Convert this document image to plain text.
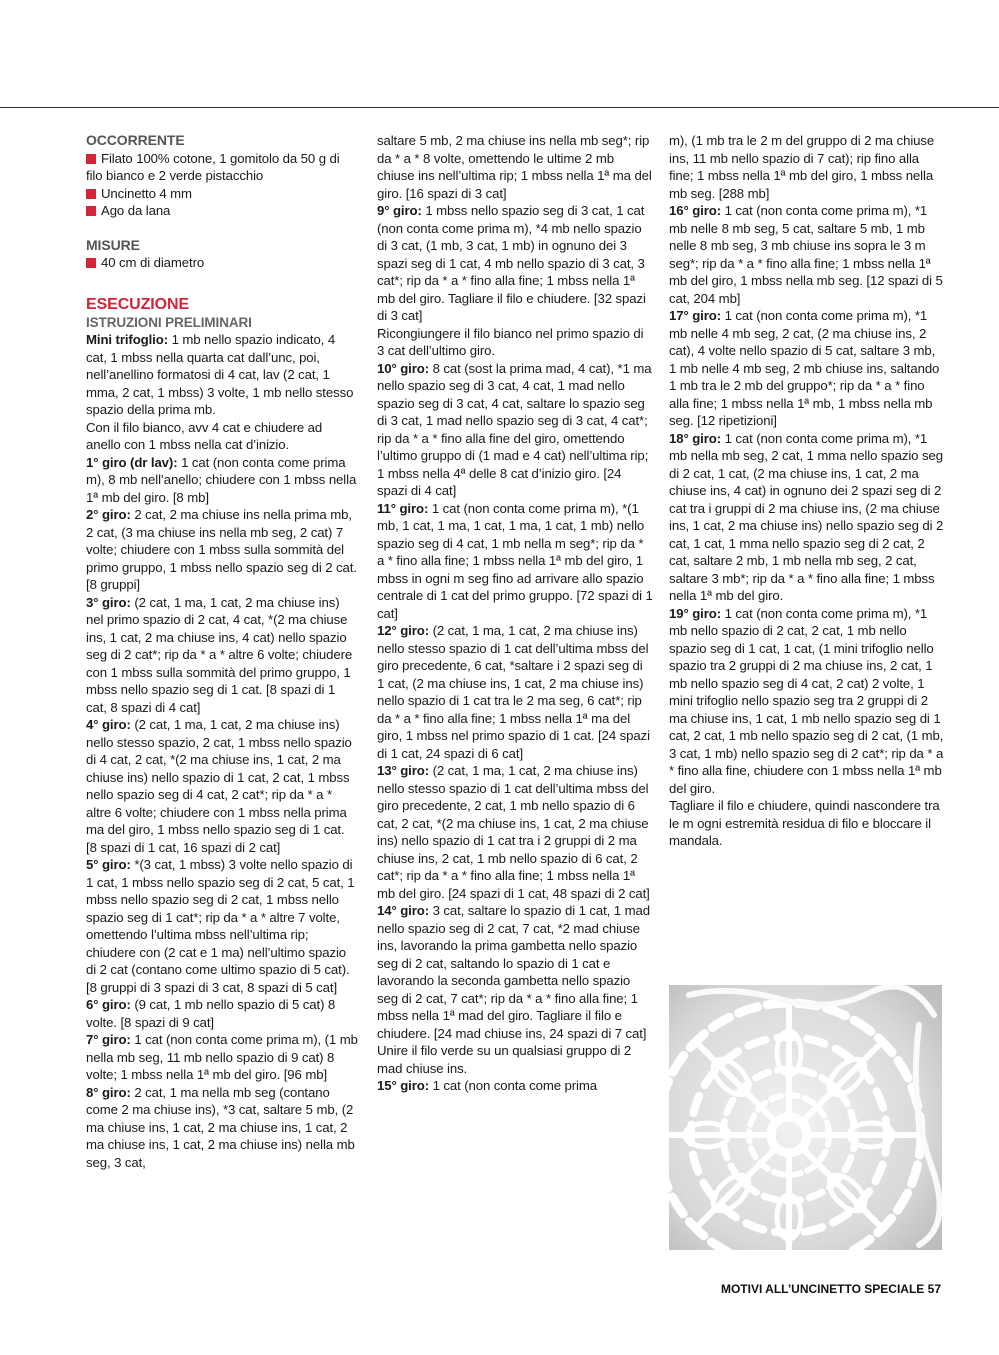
OCCORRENTE

Filato 100% cotone, 1 gomitolo da 50 g di filo bianco e 2 verde pistacchio

Uncinetto 4 mm

Ago da lana

MISURE

40 cm di diametro

ESECUZIONE

ISTRUZIONI PRELIMINARI

Mini trifoglio: 1 mb nello spazio indicato, 4 cat, 1 mbss nella quarta cat dall’unc, poi, nell’anellino formatosi di 4 cat, lav (2 cat, 1 mma, 2 cat, 1 mbss) 3 volte, 1 mb nello stesso spazio della prima mb.

Con il filo bianco, avv 4 cat e chiudere ad anello con 1 mbss nella cat d’inizio.

1° giro (dr lav): 1 cat (non conta come prima m), 8 mb nell’anello; chiudere con 1 mbss nella 1ª mb del giro. [8 mb]

2° giro: 2 cat, 2 ma chiuse ins nella prima mb, 2 cat, (3 ma chiuse ins nella mb seg, 2 cat) 7 volte; chiudere con 1 mbss sulla sommità del primo gruppo, 1 mbss nello spazio seg di 2 cat. [8 gruppi]

3° giro: (2 cat, 1 ma, 1 cat, 2 ma chiuse ins) nel primo spazio di 2 cat, 4 cat, *(2 ma chiuse ins, 1 cat, 2 ma chiuse ins, 4 cat) nello spazio seg di 2 cat*; rip da * a * altre 6 volte; chiudere con 1 mbss sulla sommità del primo gruppo, 1 mbss nello spazio seg di 1 cat. [8 spazi di 1 cat, 8 spazi di 4 cat]

4° giro: (2 cat, 1 ma, 1 cat, 2 ma chiuse ins) nello stesso spazio, 2 cat, 1 mbss nello spazio di 4 cat, 2 cat, *(2 ma chiuse ins, 1 cat, 2 ma chiuse ins) nello spazio di 1 cat, 2 cat, 1 mbss nello spazio seg di 4 cat, 2 cat*; rip da * a * altre 6 volte; chiudere con 1 mbss nella prima ma del giro, 1 mbss nello spazio seg di 1 cat. [8 spazi di 1 cat, 16 spazi di 2 cat]

5° giro: *(3 cat, 1 mbss) 3 volte nello spazio di 1 cat, 1 mbss nello spazio seg di 2 cat, 5 cat, 1 mbss nello spazio seg di 2 cat, 1 mbss nello spazio seg di 1 cat*; rip da * a * altre 7 volte, omettendo l’ultima mbss nell’ultima rip; chiudere con (2 cat e 1 ma) nell’ultimo spazio di 2 cat (contano come ultimo spazio di 5 cat). [8 gruppi di 3 spazi di 3 cat, 8 spazi di 5 cat]

6° giro: (9 cat, 1 mb nello spazio di 5 cat) 8 volte. [8 spazi di 9 cat]

7° giro: 1 cat (non conta come prima m), (1 mb nella mb seg, 11 mb nello spazio di 9 cat) 8 volte; 1 mbss nella 1ª mb del giro. [96 mb]

8° giro: 2 cat, 1 ma nella mb seg (contano come 2 ma chiuse ins), *3 cat, saltare 5 mb, (2 ma chiuse ins, 1 cat, 2 ma chiuse ins, 1 cat, 2 ma chiuse ins, 1 cat, 2 ma chiuse ins) nella mb seg, 3 cat,

saltare 5 mb, 2 ma chiuse ins nella mb seg*; rip da * a * 8 volte, omettendo le ultime 2 mb chiuse ins nell’ultima rip; 1 mbss nella 1ª ma del giro. [16 spazi di 3 cat]

9° giro: 1 mbss nello spazio seg di 3 cat, 1 cat (non conta come prima m), *4 mb nello spazio di 3 cat, (1 mb, 3 cat, 1 mb) in ognuno dei 3 spazi seg di 1 cat, 4 mb nello spazio di 3 cat, 3 cat*; rip da * a * fino alla fine; 1 mbss nella 1ª mb del giro. Tagliare il filo e chiudere. [32 spazi di 3 cat]

Ricongiungere il filo bianco nel primo spazio di 3 cat dell’ultimo giro.

10° giro: 8 cat (sost la prima mad, 4 cat), *1 ma nello spazio seg di 3 cat, 4 cat, 1 mad nello spazio seg di 3 cat, 4 cat, saltare lo spazio seg di 3 cat, 1 mad nello spazio seg di 3 cat, 4 cat*; rip da * a * fino alla fine del giro, omettendo l’ultimo gruppo di (1 mad e 4 cat) nell’ultima rip; 1 mbss nella 4ª delle 8 cat d’inizio giro. [24 spazi di 4 cat]

11° giro: 1 cat (non conta come prima m), *(1 mb, 1 cat, 1 ma, 1 cat, 1 ma, 1 cat, 1 mb) nello spazio seg di 4 cat, 1 mb nella m seg*; rip da * a * fino alla fine; 1 mbss nella 1ª mb del giro, 1 mbss in ogni m seg fino ad arrivare allo spazio centrale di 1 cat del primo gruppo. [72 spazi di 1 cat]

12° giro: (2 cat, 1 ma, 1 cat, 2 ma chiuse ins) nello stesso spazio di 1 cat dell’ultima mbss del giro precedente, 6 cat, *saltare i 2 spazi seg di 1 cat, (2 ma chiuse ins, 1 cat, 2 ma chiuse ins) nello spazio di 1 cat tra le 2 ma seg, 6 cat*; rip da * a * fino alla fine; 1 mbss nella 1ª ma del giro, 1 mbss nel primo spazio di 1 cat. [24 spazi di 1 cat, 24 spazi di 6 cat]

13° giro: (2 cat, 1 ma, 1 cat, 2 ma chiuse ins) nello stesso spazio di 1 cat dell’ultima mbss del giro precedente, 2 cat, 1 mb nello spazio di 6 cat, 2 cat, *(2 ma chiuse ins, 1 cat, 2 ma chiuse ins) nello spazio di 1 cat tra i 2 gruppi di 2 ma chiuse ins, 2 cat, 1 mb nello spazio di 6 cat, 2 cat*; rip da * a * fino alla fine; 1 mbss nella 1ª mb del giro. [24 spazi di 1 cat, 48 spazi di 2 cat]

14° giro: 3 cat, saltare lo spazio di 1 cat, 1 mad nello spazio seg di 2 cat, 7 cat, *2 mad chiuse ins, lavorando la prima gambetta nello spazio seg di 2 cat, saltando lo spazio di 1 cat e lavorando la seconda gambetta nello spazio seg di 2 cat, 7 cat*; rip da * a * fino alla fine; 1 mbss nella 1ª mad del giro. Tagliare il filo e chiudere. [24 mad chiuse ins, 24 spazi di 7 cat]

Unire il filo verde su un qualsiasi gruppo di 2 mad chiuse ins.

15° giro: 1 cat (non conta come prima

m), (1 mb tra le 2 m del gruppo di 2 ma chiuse ins, 11 mb nello spazio di 7 cat); rip fino alla fine; 1 mbss nella 1ª mb del giro, 1 mbss nella mb seg. [288 mb]

16° giro: 1 cat (non conta come prima m), *1 mb nelle 8 mb seg, 5 cat, saltare 5 mb, 1 mb nelle 8 mb seg, 3 mb chiuse ins sopra le 3 m seg*; rip da * a * fino alla fine; 1 mbss nella 1ª mb del giro, 1 mbss nella mb seg. [12 spazi di 5 cat, 204 mb]

17° giro: 1 cat (non conta come prima m), *1 mb nelle 4 mb seg, 2 cat, (2 ma chiuse ins, 2 cat), 4 volte nello spazio di 5 cat, saltare 3 mb, 1 mb nelle 4 mb seg, 2 mb chiuse ins, saltando 1 mb tra le 2 mb del gruppo*; rip da * a * fino alla fine; 1 mbss nella 1ª mb, 1 mbss nella mb seg. [12 ripetizioni]

18° giro: 1 cat (non conta come prima m), *1 mb nella mb seg, 2 cat, 1 mma nello spazio seg di 2 cat, 1 cat, (2 ma chiuse ins, 1 cat, 2 ma chiuse ins, 4 cat) in ognuno dei 2 spazi seg di 2 cat tra i gruppi di 2 ma chiuse ins, (2 ma chiuse ins, 1 cat, 2 ma chiuse ins) nello spazio seg di 2 cat, 1 cat, 1 mma nello spazio seg di 2 cat, 2 cat, saltare 2 mb, 1 mb nella mb seg, 2 cat, saltare 3 mb*; rip da * a * fino alla fine; 1 mbss nella 1ª mb del giro.

19° giro: 1 cat (non conta come prima m), *1 mb nello spazio di 2 cat, 2 cat, 1 mb nello spazio seg di 1 cat, 1 cat, (1 mini trifoglio nello spazio tra 2 gruppi di 2 ma chiuse ins, 2 cat, 1 mb nello spazio seg di 4 cat, 2 cat) 2 volte, 1 mini trifoglio nello spazio seg tra 2 gruppi di 2 ma chiuse ins, 1 cat, 1 mb nello spazio seg di 1 cat, 2 cat, 1 mb nello spazio seg di 2 cat, (1 mb, 3 cat, 1 mb) nello spazio seg di 2 cat*; rip da * a * fino alla fine, chiudere con 1 mbss nella 1ª mb del giro.

Tagliare il filo e chiudere, quindi nascondere tra le m ogni estremità residua di filo e bloccare il mandala.

MOTIVI ALL’UNCINETTO SPECIALE 57
